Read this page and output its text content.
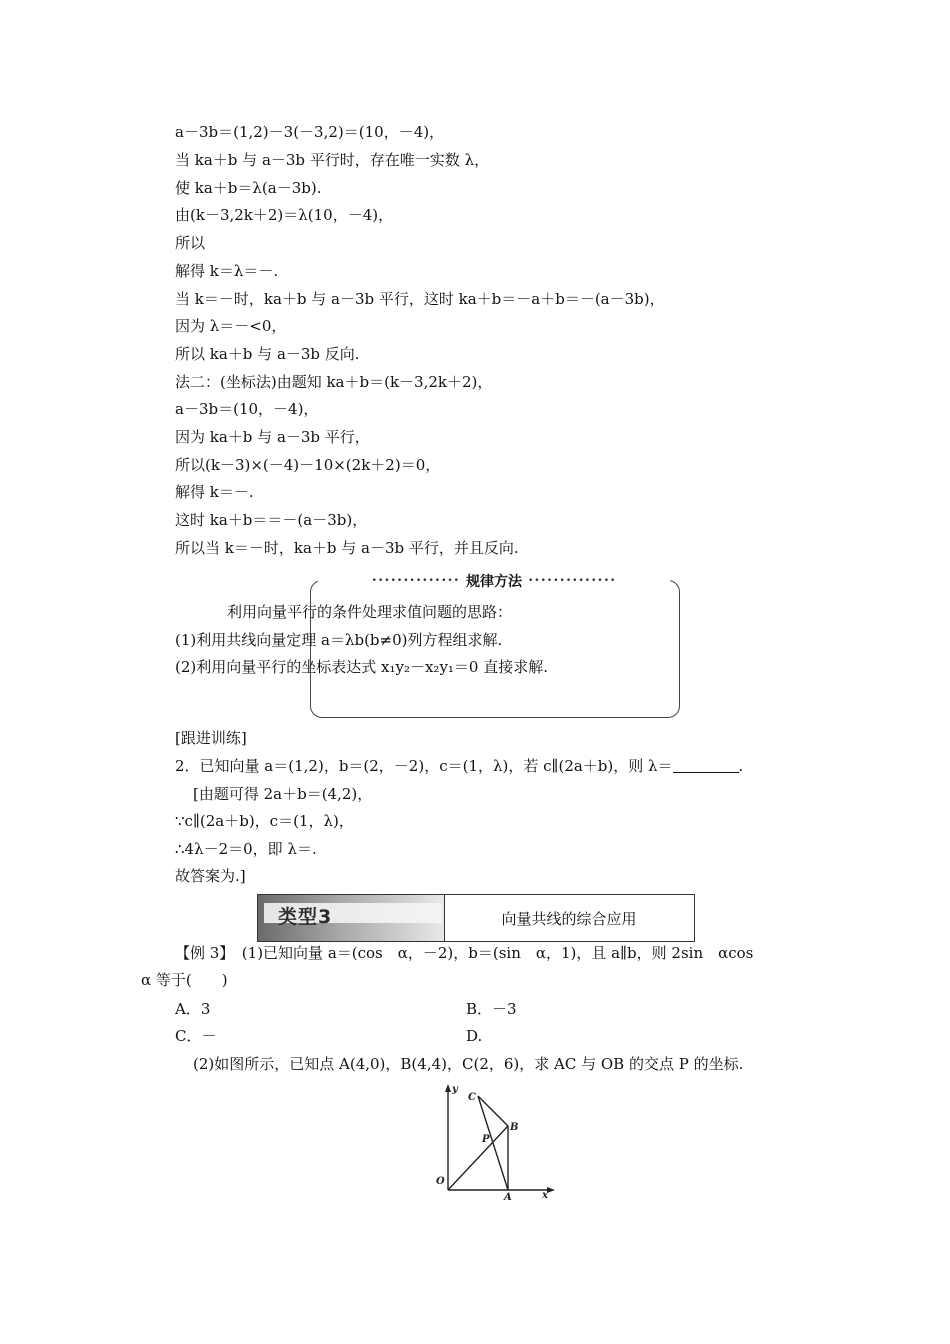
a－3b＝(1,2)－3(－3,2)＝(10，－4)，
当 ka＋b 与 a－3b 平行时，存在唯一实数 λ，
使 ka＋b＝λ(a－3b).
由(k－3,2k＋2)＝λ(10，－4)，
所以
解得 k＝λ＝－.
当 k＝－时，ka＋b 与 a－3b 平行，这时 ka＋b＝－a＋b＝－(a－3b)，
因为 λ＝－<0，
所以 ka＋b 与 a－3b 反向.
法二：(坐标法)由题知 ka＋b＝(k－3,2k＋2)，
a－3b＝(10，－4)，
因为 ka＋b 与 a－3b 平行，
所以(k－3)×(－4)－10×(2k＋2)＝0，
解得 k＝－.
这时 ka＋b＝＝－(a－3b)，
所以当 k＝－时，ka＋b 与 a－3b 平行，并且反向.
•••••••••••••• 规律方法 ••••••••••••••
利用向量平行的条件处理求值问题的思路：
(1)利用共线向量定理 a＝λb(b≠0)列方程组求解.
(2)利用向量平行的坐标表达式 x₁y₂－x₂y₁＝0 直接求解.
[跟进训练]
2．已知向量 a＝(1,2)，b＝(2，－2)，c＝(1，λ)，若 c∥(2a＋b)，则 λ＝	.
[由题可得 2a＋b＝(4,2)，
∵c∥(2a＋b)，c＝(1，λ)，
∴4λ－2＝0，即 λ＝.
故答案为.]
类型3	向量共线的综合应用
【例 3】　(1)已知向量 a＝(cos　α，－2)，b＝(sin　α，1)，且 a∥b，则 2sin　αcos
α 等于(　　)
A．3	B．－3
C．－	D.
(2)如图所示，已知点 A(4,0)，B(4,4)，C(2，6)，求 AC 与 OB 的交点 P 的坐标.
y
x
O
A
B
C
P
